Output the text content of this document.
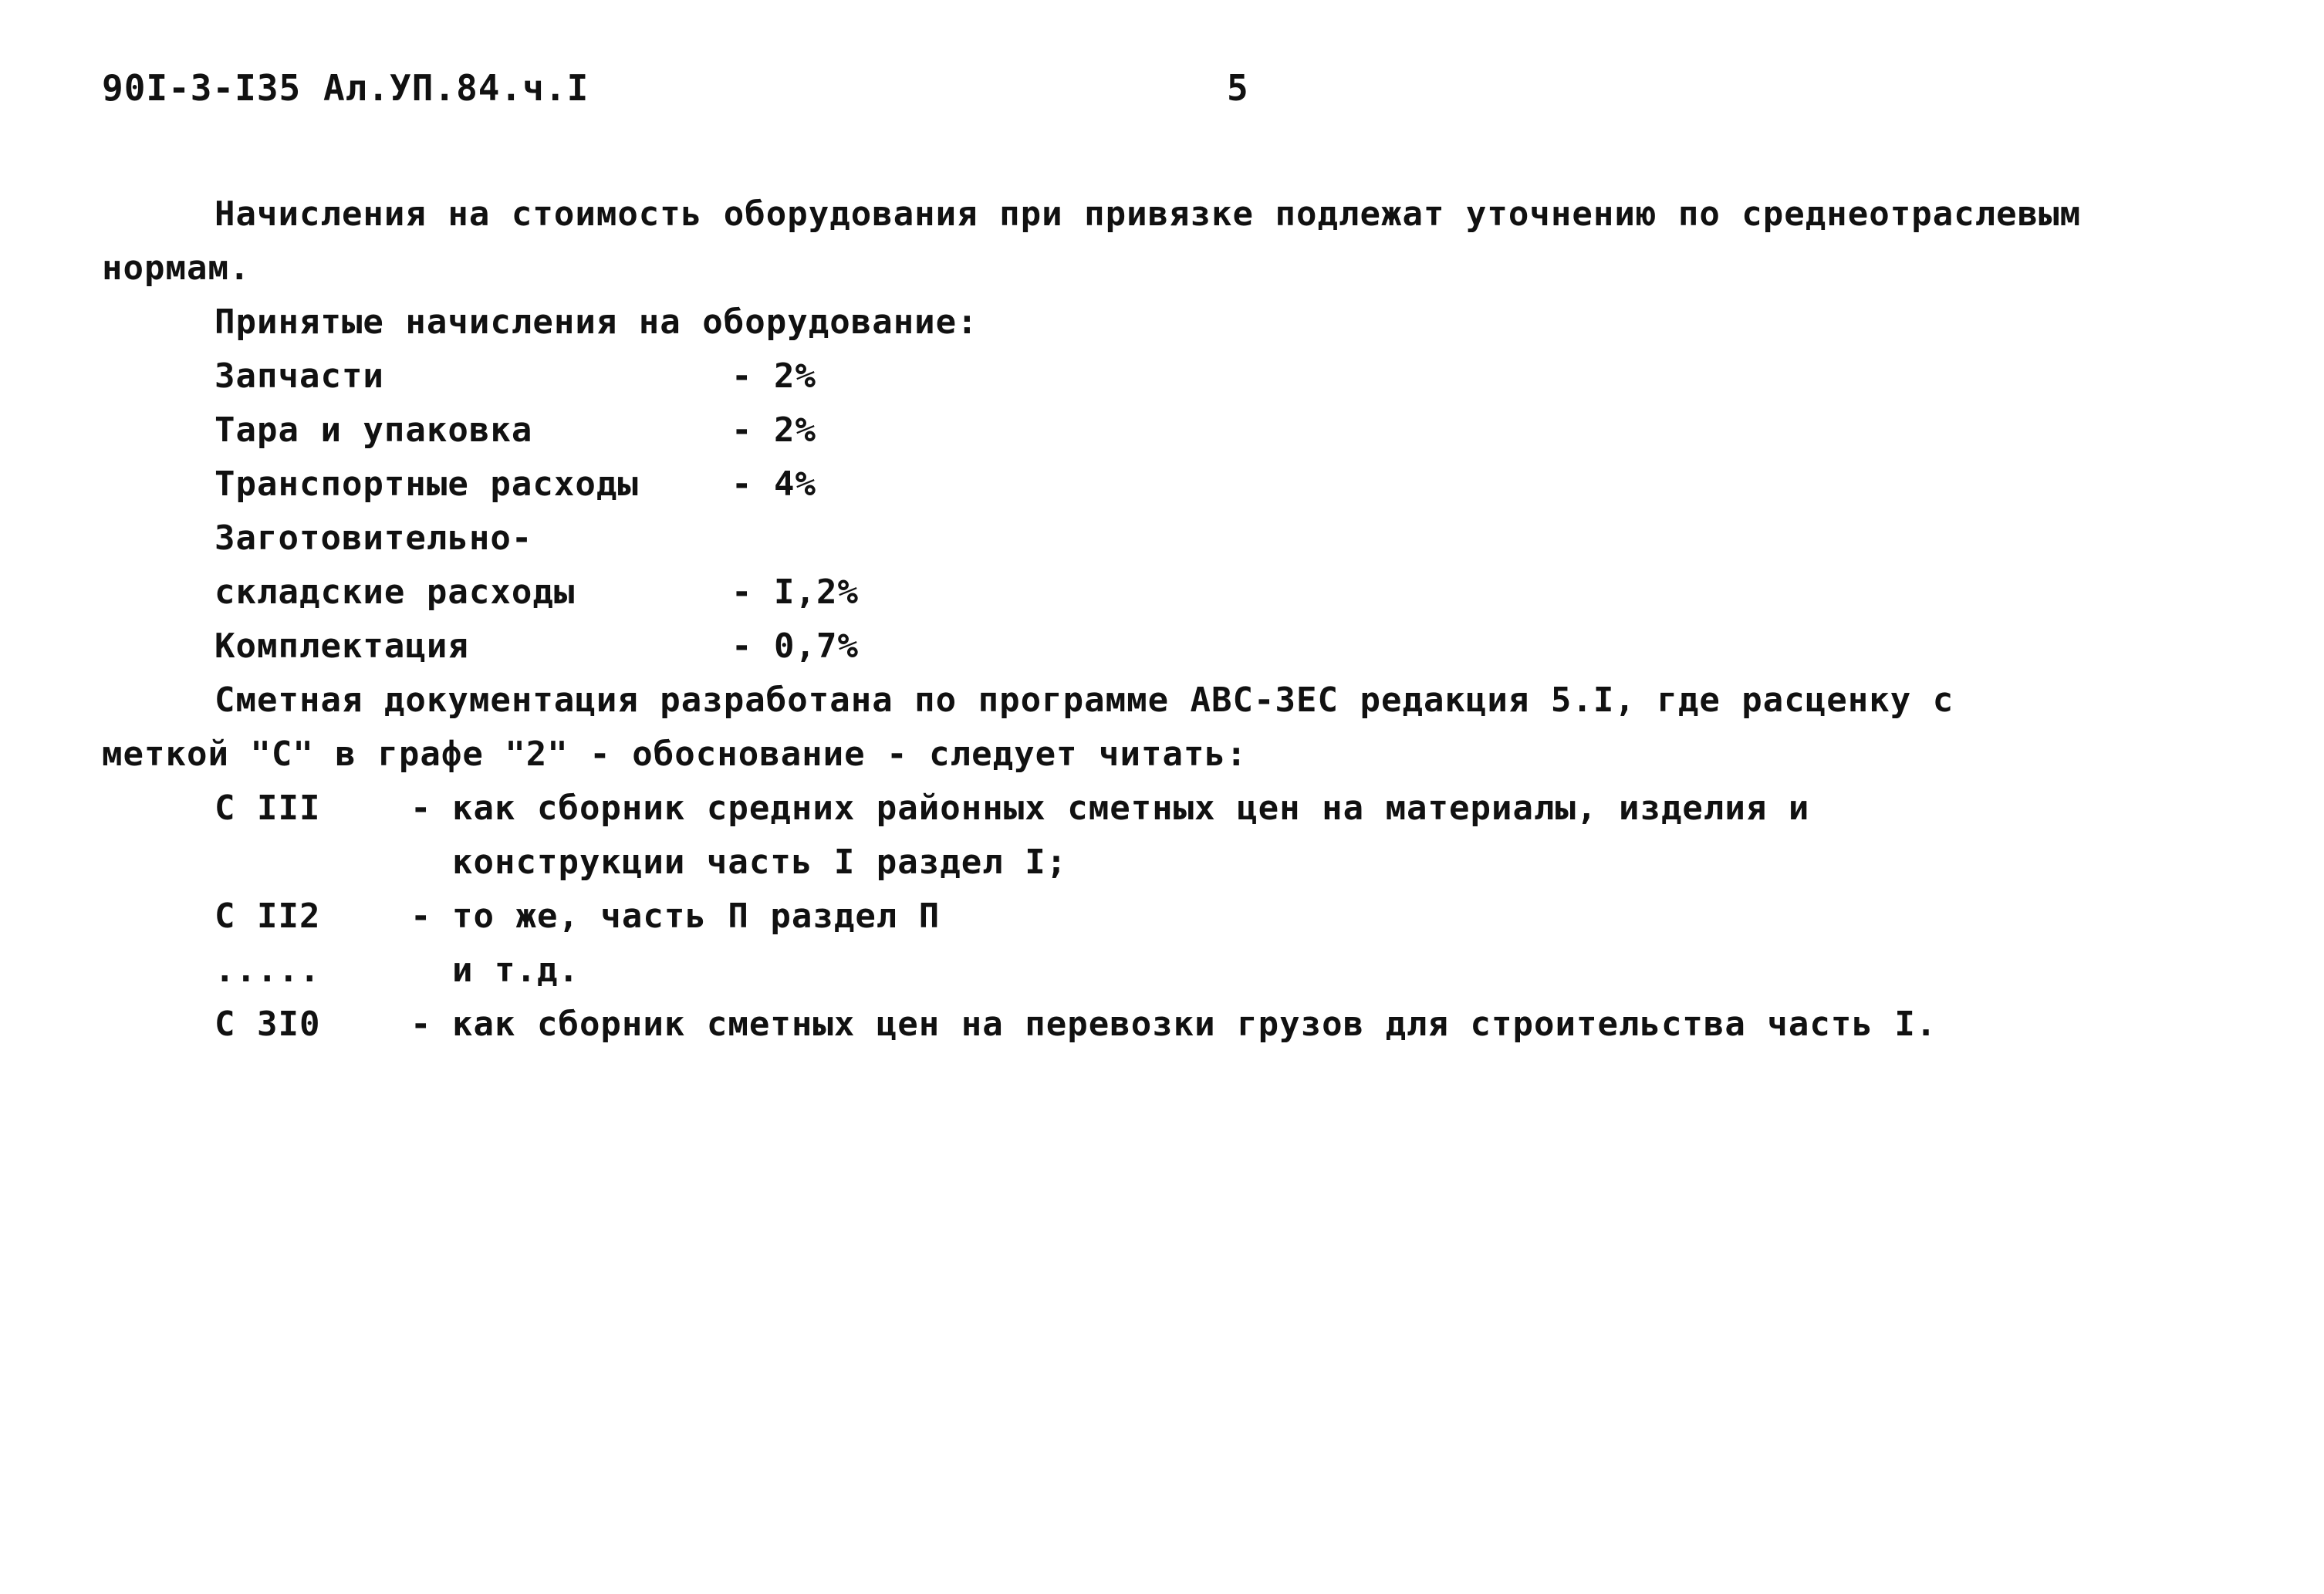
90I-3-I35 Ал.УП.84.ч.I	5
Начисления на стоимость оборудования при привязке подлежат уточнению по среднеотраслевым
нормам.
Принятые начисления на оборудование:
Запчасти	- 2%
Тара и упаковка	- 2%
Транспортные расходы	- 4%
Заготовительно-
складские расходы	- I,2%
Комплектация	- 0,7%
Сметная документация разработана по программе АВС-ЗЕС редакция 5.I, где расценку с
меткой "С" в графе "2" - обоснование - следует читать:
С III	- как сборник средних районных сметных цен на материалы, изделия и
конструкции часть I раздел I;
С II2	- то же, часть П раздел П
.....	и т.д.
С 3I0	- как сборник сметных цен на перевозки грузов для строительства часть I.
